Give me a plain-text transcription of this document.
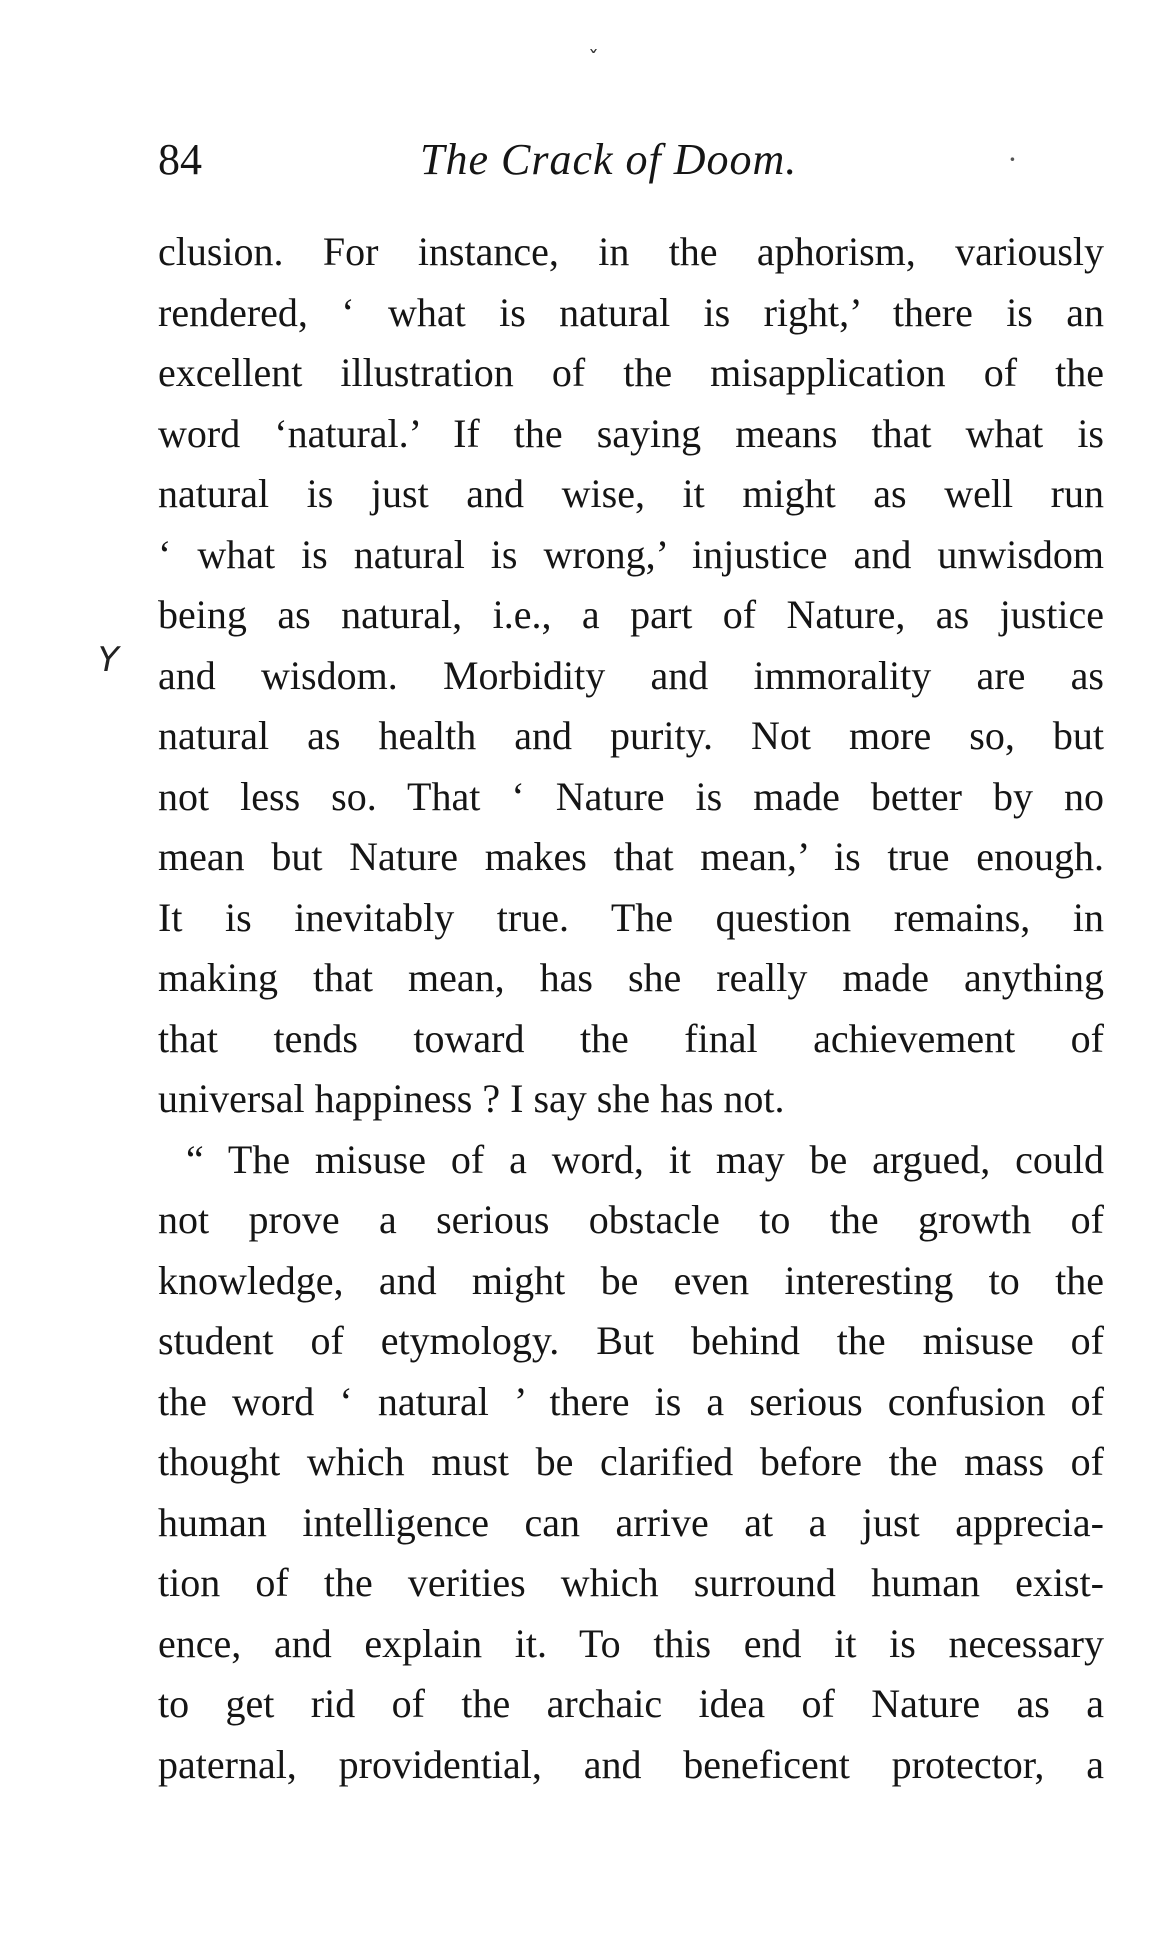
ˇ
84	The Crack of Doom.	·
Y
clusion. For instance, in the aphorism, variously
rendered, ‘ what is natural is right,’ there is an
excellent illustration of the misapplication of the
word ‘natural.’ If the saying means that what is
natural is just and wise, it might as well run
‘ what is natural is wrong,’ injustice and unwisdom
being as natural, i.e., a part of Nature, as justice
and wisdom. Morbidity and immorality are as
natural as health and purity. Not more so, but
not less so. That ‘ Nature is made better by no
mean but Nature makes that mean,’ is true enough.
It is inevitably true. The question remains, in
making that mean, has she really made anything
that tends toward the final achievement of
universal happiness ? I say she has not.
“ The misuse of a word, it may be argued, could
not prove a serious obstacle to the growth of
knowledge, and might be even interesting to the
student of etymology. But behind the misuse of
the word ‘ natural ’ there is a serious confusion of
thought which must be clarified before the mass of
human intelligence can arrive at a just apprecia-
tion of the verities which surround human exist-
ence, and explain it. To this end it is necessary
to get rid of the archaic idea of Nature as a
paternal, providential, and beneficent protector, a
